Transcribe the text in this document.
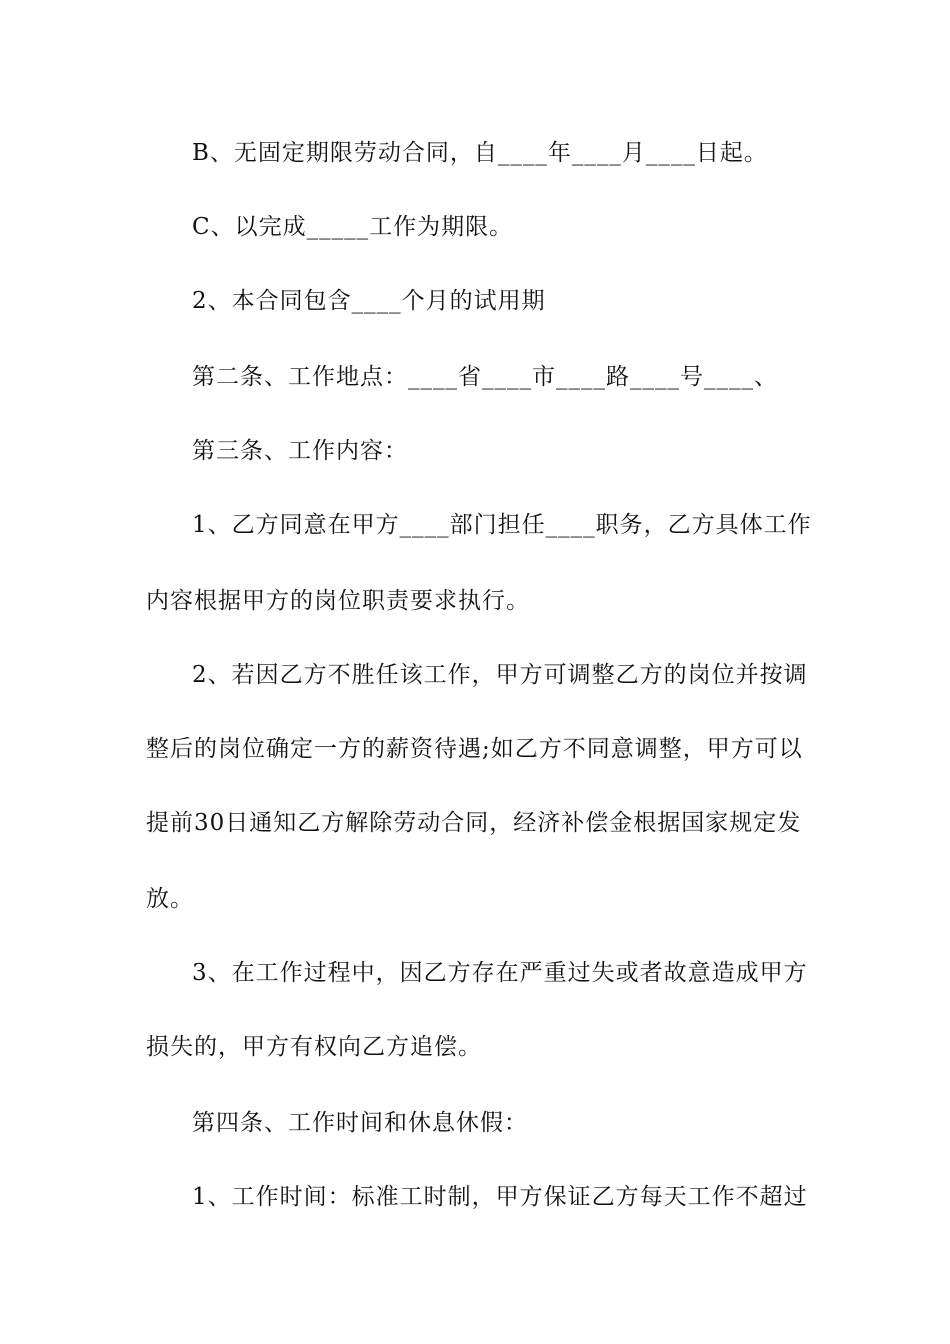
B、无固定期限劳动合同，自____年____月____日起。
C、以完成_____工作为期限。
2、本合同包含____个月的试用期
第二条、工作地点：____省____市____路____号____、
第三条、工作内容：
1、乙方同意在甲方____部门担任____职务，乙方具体工作
内容根据甲方的岗位职责要求执行。
2、若因乙方不胜任该工作，甲方可调整乙方的岗位并按调
整后的岗位确定一方的薪资待遇;如乙方不同意调整，甲方可以
提前30日通知乙方解除劳动合同，经济补偿金根据国家规定发
放。
3、在工作过程中，因乙方存在严重过失或者故意造成甲方
损失的，甲方有权向乙方追偿。
第四条、工作时间和休息休假：
1、工作时间：标准工时制，甲方保证乙方每天工作不超过
